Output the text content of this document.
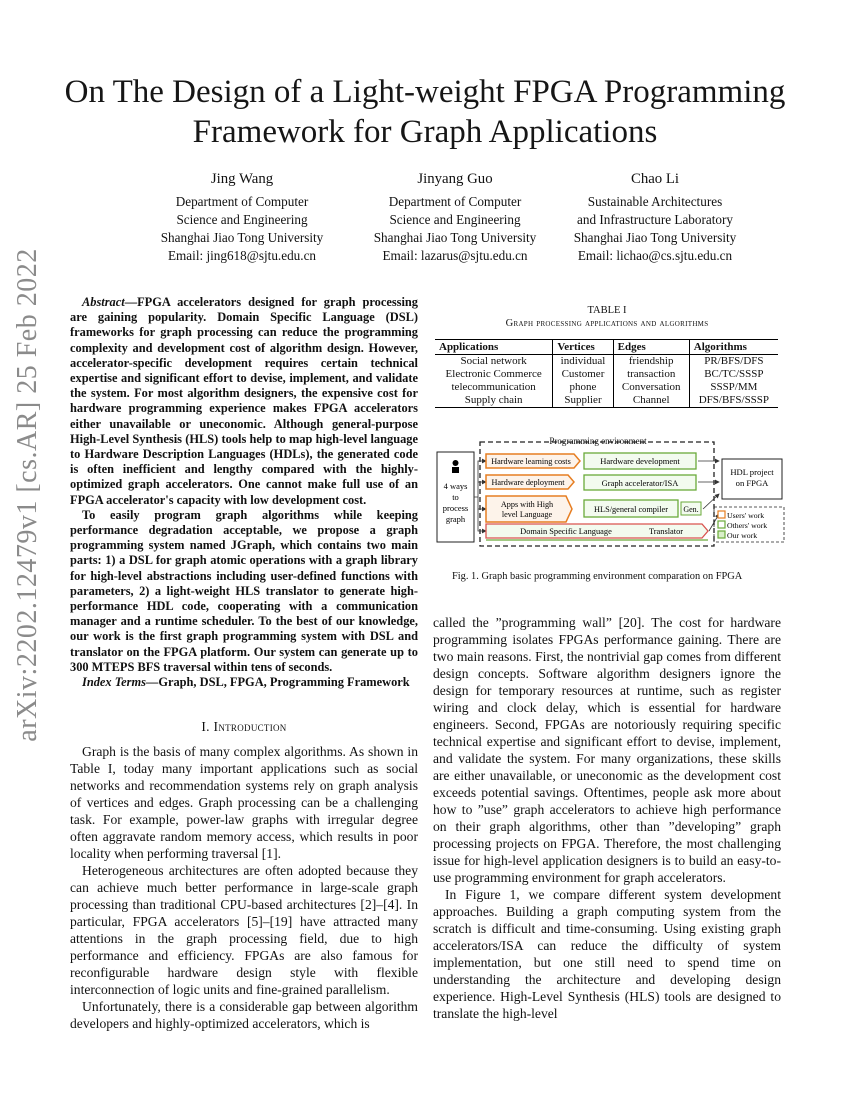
arXiv:2202.12479v1 [cs.AR] 25 Feb 2022
On The Design of a Light-weight FPGA Programming Framework for Graph Applications
Jing Wang
Department of Computer
Science and Engineering
Shanghai Jiao Tong University
Email: jing618@sjtu.edu.cn
Jinyang Guo
Department of Computer
Science and Engineering
Shanghai Jiao Tong University
Email: lazarus@sjtu.edu.cn
Chao Li
Sustainable Architectures
and Infrastructure Laboratory
Shanghai Jiao Tong University
Email: lichao@cs.sjtu.edu.cn

Abstract—FPGA accelerators designed for graph processing are gaining popularity. Domain Specific Language (DSL) frameworks for graph processing can reduce the programming complexity and development cost of algorithm design. However, accelerator-specific development requires certain technical expertise and significant effort to devise, implement, and validate the system. For most algorithm designers, the expensive cost for hardware programming experience makes FPGA accelerators either unavailable or uneconomic. Although general-purpose High-Level Synthesis (HLS) tools help to map high-level language to Hardware Description Languages (HDLs), the generated code is often inefficient and lengthy compared with the highly-optimized graph accelerators. One cannot make full use of an FPGA accelerator's capacity with low development cost.

To easily program graph algorithms while keeping performance degradation acceptable, we propose a graph programming system named JGraph, which contains two main parts: 1) a DSL for graph atomic operations with a graph library for high-level abstractions including user-defined functions with parameters, 2) a light-weight HLS translator to generate high-performance HDL code, cooperating with a communication manager and a runtime scheduler. To the best of our knowledge, our work is the first graph programming system with DSL and translator on the FPGA platform. Our system can generate up to 300 MTEPS BFS traversal within tens of seconds.

Index Terms—Graph, DSL, FPGA, Programming Framework

I. Introduction

Graph is the basis of many complex algorithms. As shown in Table I, today many important applications such as social networks and recommendation systems rely on graph analysis of vertices and edges. Graph processing can be a challenging task. For example, power-law graphs with irregular degree often aggravate random memory access, which results in poor locality when performing traversal [1].

Heterogeneous architectures are often adopted because they can achieve much better performance in large-scale graph processing than traditional CPU-based architectures [2]–[4]. In particular, FPGA accelerators [5]–[19] have attracted many attentions in the graph processing field, due to high performance and efficiency. FPGAs are also famous for reconfigurable hardware design style with flexible interconnection of logic units and fine-grained parallelism.

Unfortunately, there is a considerable gap between algorithm developers and highly-optimized accelerators, which is

TABLE I
Graph processing applications and algorithms
Applications	Vertices	Edges	Algorithms
Social network	individual	friendship	PR/BFS/DFS
Electronic Commerce	Customer	transaction	BC/TC/SSSP
telecommunication	phone	Conversation	SSSP/MM
Supply chain	Supplier	Channel	DFS/BFS/SSSP
Programming environment
4 ways
to
process
graph
Hardware learning costs	Hardware development
Hardware deployment	Graph accelerator/ISA
Apps with High
level Language
HLS/general compiler Gen.
Domain Specific Language	Translator
HDL project
on FPGA
Users' work
Others' work
Our work
Fig. 1. Graph basic programming environment comparation on FPGA

called the ”programming wall” [20]. The cost for hardware programming isolates FPGAs performance gaining. There are two main reasons. First, the nontrivial gap comes from different design concepts. Software algorithm designers ignore the design for temporary resources at runtime, such as register wiring and clock delay, which is essential for hardware engineers. Second, FPGAs are notoriously requiring specific technical expertise and significant effort to devise, implement, and validate the system. For many organizations, these skills are either unavailable, or uneconomic as the development cost exceeds potential savings. Oftentimes, people ask more about how to ”use” graph accelerators to achieve high performance on their graph algorithms, other than ”developing” graph processing projects on FPGA. Therefore, the most challenging issue for high-level application designers is to build an easy-to-use programming environment for graph accelerators.

In Figure 1, we compare different system development approaches. Building a graph computing system from the scratch is difficult and time-consuming. Using existing graph accelerators/ISA can reduce the difficulty of system implementation, but one still need to spend time on understanding the architecture and developing design experience. High-Level Synthesis (HLS) tools are designed to translate the high-level
